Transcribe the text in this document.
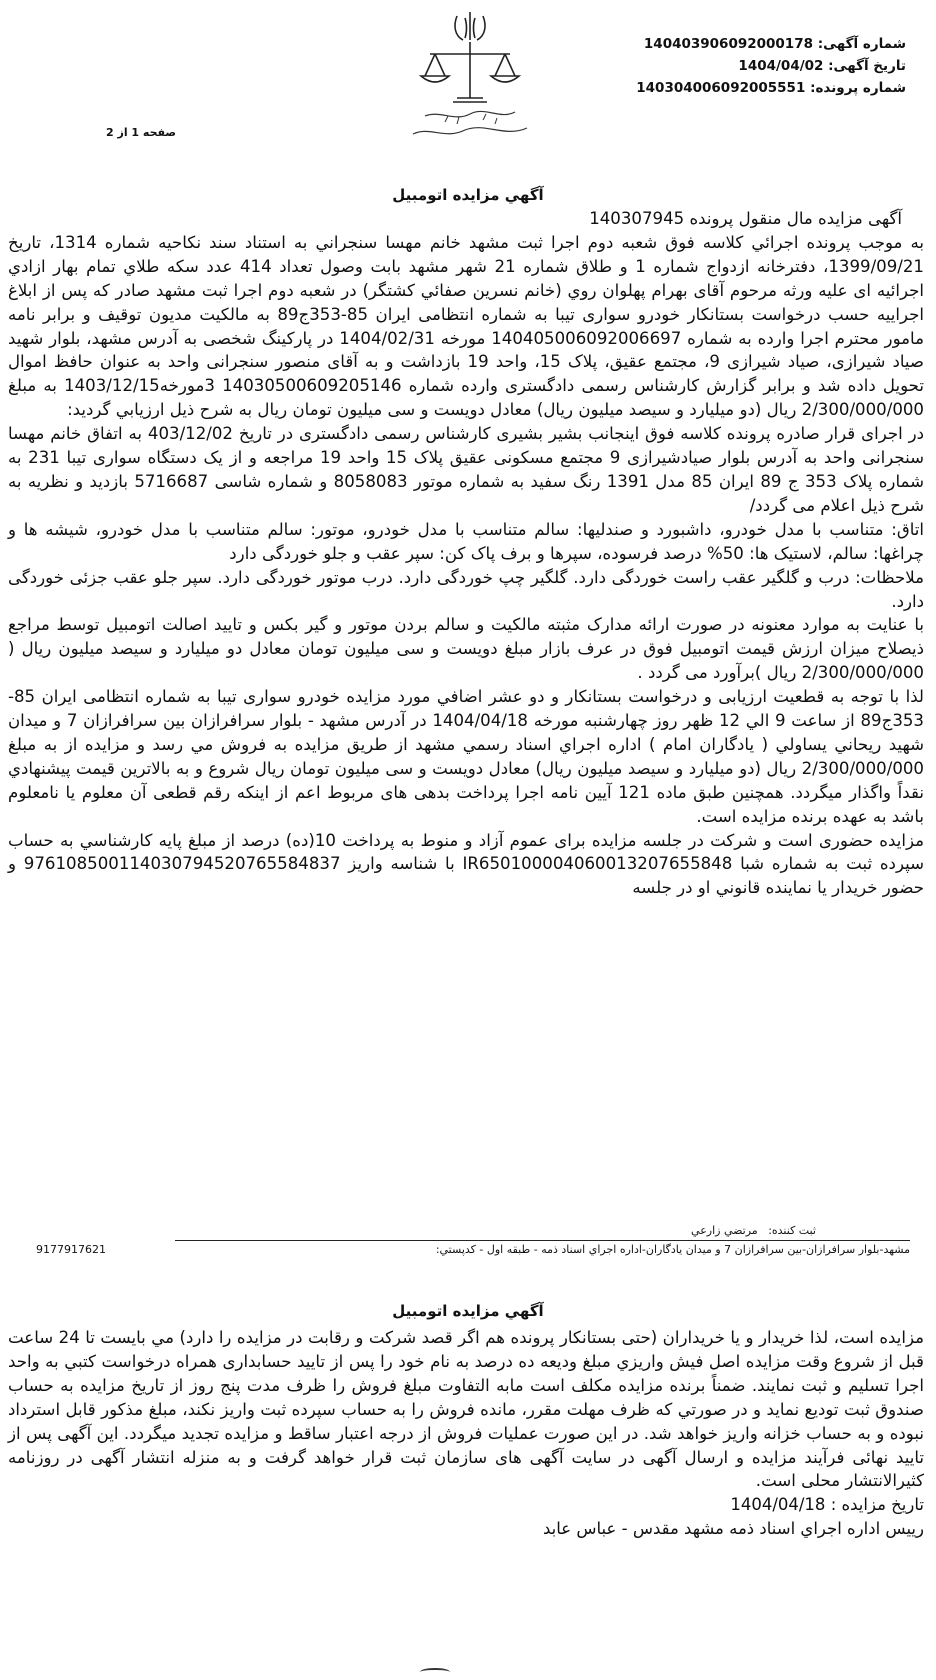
شماره آگهی: 140403906092000178
تاریخ آگهی: 1404/04/02
شماره پرونده: 140304006092005551
صفحه 1 از 2
آگهي مزايده اتومبيل

آگهی مزایده مال منقول پرونده 140307945

به موجب پرونده اجرائي كلاسه فوق شعبه دوم اجرا ثبت مشهد خانم مهسا سنجراني به استناد سند نكاحيه شماره 1314، تاريخ 1399/09/21، دفترخانه ازدواج شماره 1 و طلاق شماره 21 شهر مشهد بابت وصول تعداد 414 عدد سكه طلاي تمام بهار ازادي اجرائيه ای عليه ورثه مرحوم آقای بهرام پهلوان روي (خانم نسرين صفائي كشتگر) در شعبه دوم اجرا ثبت مشهد صادر كه پس از ابلاغ اجراييه حسب درخواست بستانكار خودرو سواری تیبا به شماره انتظامی ایران 85-353ج89 به مالکیت مدیون توقیف و برابر نامه مامور محترم اجرا وارده به شماره 140405006092006697 مورخه 1404/02/31 در پارکینگ شخصی به آدرس مشهد، بلوار شهید صیاد شیرازی، صیاد شیرازی 9، مجتمع عقیق، پلاک 15، واحد 19 بازداشت و به آقای منصور سنجرانی واحد به عنوان حافظ اموال تحویل داده شد و برابر گزارش كارشناس رسمی دادگستری وارده شماره 14030500609205146 3مورخه1403/12/15 به مبلغ 2/300/000/000 ريال (دو ميليارد و سيصد ميليون ريال) معادل دويست و سی ميليون تومان ريال به شرح ذيل ارزيابي گرديد:

در اجرای قرار صادره پرونده کلاسه فوق اینجانب بشیر بشیری کارشناس رسمی دادگستری در تاریخ 403/12/02 به اتفاق خانم مهسا سنجرانی واحد به آدرس بلوار صیادشیرازی 9 مجتمع مسکونی عقیق پلاک 15 واحد 19 مراجعه و از یک دستگاه سواری تیبا 231 به شماره پلاک 353 ج 89 ایران 85 مدل 1391 رنگ سفید به شماره موتور 8058083 و شماره شاسی 5716687 بازدید و نظریه به شرح ذیل اعلام می گردد/

اتاق: متناسب با مدل خودرو، داشبورد و صندلیها: سالم متناسب با مدل خودرو، موتور: سالم متناسب با مدل خودرو، شیشه ها و چراغها: سالم، لاستیک ها: 50% درصد فرسوده، سپرها و برف پاک کن: سپر عقب و جلو خوردگی دارد

ملاحظات: درب و گلگیر عقب راست خوردگی دارد. گلگیر چپ خوردگی دارد. درب موتور خوردگی دارد. سپر جلو عقب جزئی خوردگی دارد.

با عنایت به موارد معنونه در صورت ارائه مدارک مثبته مالکیت و سالم بردن موتور و گیر بکس و تایید اصالت اتومبیل توسط مراجع ذیصلاح میزان ارزش قیمت اتومبیل فوق در عرف بازار مبلغ دویست و سی میلیون تومان معادل دو میلیارد و سیصد میلیون ریال ( 2/300/000/000 ریال )برآورد می گردد .

لذا با توجه به قطعيت ارزيابی و درخواست بستانكار و دو عشر اضافي مورد مزايده خودرو سواری تیبا به شماره انتظامی ایران 85-353ج89 از ساعت 9 الي 12 ظهر روز چهارشنبه مورخه 1404/04/18 در آدرس مشهد - بلوار سرافرازان بين سرافرازان 7 و ميدان شهيد ريحاني يساولي ( يادگاران امام ) اداره اجراي اسناد رسمي مشهد از طريق مزايده به فروش مي رسد و مزايده از به مبلغ 2/300/000/000 ريال (دو ميليارد و سيصد ميليون ريال) معادل دويست و سی ميليون تومان ريال شروع و به بالاترين قيمت پيشنهادي نقداً واگذار ميگردد. همچنين طبق ماده 121 آيين نامه اجرا پرداخت بدهی های مربوط اعم از اينكه رقم قطعی آن معلوم يا نامعلوم باشد به عهده برنده مزايده است.

مزايده حضوری است و شركت در جلسه مزايده برای عموم آزاد و منوط به پرداخت 10(ده) درصد از مبلغ پايه كارشناسي به حساب سپرده ثبت به شماره شبا IR650100004060013207655848 با شناسه واريز 976108500114030794520765584837 و حضور خريدار يا نماينده قانوني او در جلسه

ثبت کننده:   مرتضي زارعي
مشهد-بلوار سرافرازان-بين سرافرازان 7 و ميدان يادگاران-اداره اجراي اسناد ذمه - طبقه اول - كدپستي:
9177917621
آگهي مزايده اتومبيل

مزايده است، لذا خريدار و يا خريداران (حتی بستانكار پرونده هم اگر قصد شركت و رقابت در مزايده را دارد) مي بايست تا 24 ساعت قبل از شروع وقت مزايده اصل فيش واريزي مبلغ وديعه ده درصد به نام خود را پس از تاييد حسابداری همراه درخواست كتبي به واحد اجرا تسليم و ثبت نمايند. ضمناً برنده مزايده مكلف است مابه التفاوت مبلغ فروش را ظرف مدت پنج روز از تاريخ مزايده به حساب صندوق ثبت توديع نمايد و در صورتي كه ظرف مهلت مقرر، مانده فروش را به حساب سپرده ثبت واريز نكند، مبلغ مذكور قابل استرداد نبوده و به حساب خزانه واريز خواهد شد. در اين صورت عمليات فروش از درجه اعتبار ساقط و مزايده تجديد ميگردد. اين آگهی پس از تاييد نهائی فرآيند مزايده و ارسال آگهی در سايت آگهی های سازمان ثبت قرار خواهد گرفت و به منزله انتشار آگهی در روزنامه كثيرالانتشار محلی است.

تاريخ مزايده : 1404/04/18

رييس اداره اجراي اسناد ذمه مشهد مقدس - عباس عابد
